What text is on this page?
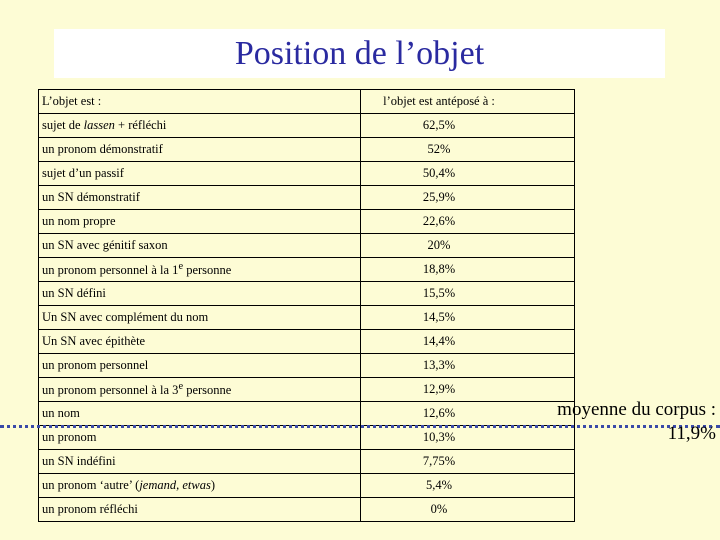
Position de l’objet
L’objet est :	l’objet est antéposé à :
sujet de lassen + réfléchi	62,5%
un pronom démonstratif	52%
sujet d’un passif	50,4%
un SN démonstratif	25,9%
un nom propre	22,6%
un SN avec génitif saxon	20%
un pronom personnel à la 1e personne	18,8%
un SN défini	15,5%
Un SN avec complément du nom	14,5%
Un SN avec épithète	14,4%
un pronom personnel	13,3%
un pronom personnel à la 3e personne	12,9%
un nom	12,6%
un pronom	10,3%
un SN indéfini	7,75%
un pronom ‘autre’ (jemand, etwas)	5,4%
un pronom réfléchi	0%
moyenne du corpus :
11,9%
